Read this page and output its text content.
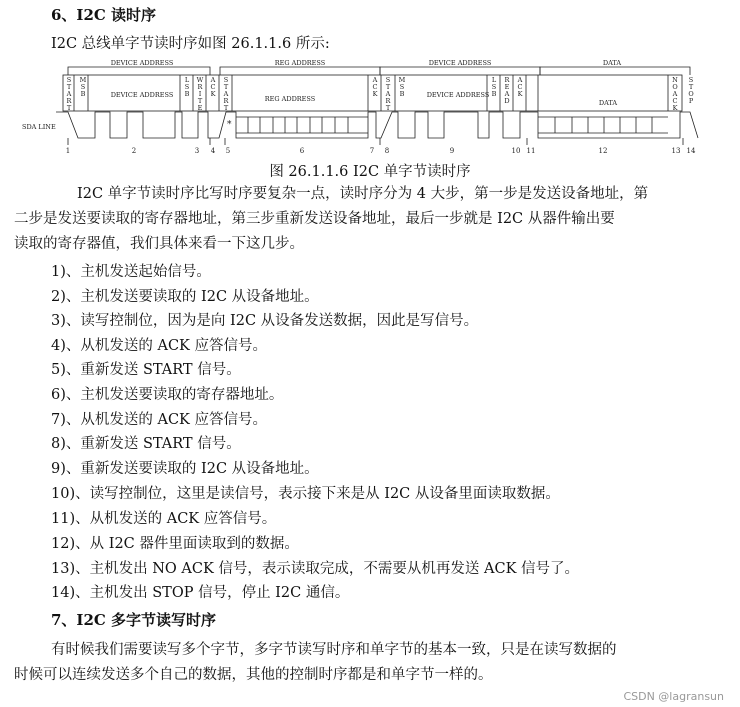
6、I2C 读时序
I2C 总线单字节读时序如图 26.1.1.6 所示:
DEVICE ADDRESS	REG ADDRESS	DEVICE ADDRESS	DATA
DEVICE ADDRESS	REG ADDRESS	DEVICE ADDRESS
DATA
SDA LINE	*
S T A R T
M S B
L S B
W R I T E
A C K
S T A R T
A C K
S T A R T
M S B
L S B
R E A D
A C K
N O A C K
S T O P
1	2	3 4 5	6	7 8	9	10 11	12	13 14
图 26.1.1.6 I2C 单字节读时序
I2C 单字节读时序比写时序要复杂一点，读时序分为 4 大步，第一步是发送设备地址，第
二步是发送要读取的寄存器地址，第三步重新发送设备地址，最后一步就是 I2C 从器件输出要
读取的寄存器值，我们具体来看一下这几步。
1)、主机发送起始信号。
2)、主机发送要读取的 I2C 从设备地址。
3)、读写控制位，因为是向 I2C 从设备发送数据，因此是写信号。
4)、从机发送的 ACK 应答信号。
5)、重新发送 START 信号。
6)、主机发送要读取的寄存器地址。
7)、从机发送的 ACK 应答信号。
8)、重新发送 START 信号。
9)、重新发送要读取的 I2C 从设备地址。
10)、读写控制位，这里是读信号，表示接下来是从 I2C 从设备里面读取数据。
11)、从机发送的 ACK 应答信号。
12)、从 I2C 器件里面读取到的数据。
13)、主机发出 NO ACK 信号，表示读取完成，不需要从机再发送 ACK 信号了。
14)、主机发出 STOP 信号，停止 I2C 通信。
7、I2C 多字节读写时序
有时候我们需要读写多个字节，多字节读写时序和单字节的基本一致，只是在读写数据的
时候可以连续发送多个自己的数据，其他的控制时序都是和单字节一样的。
CSDN @lagransun
